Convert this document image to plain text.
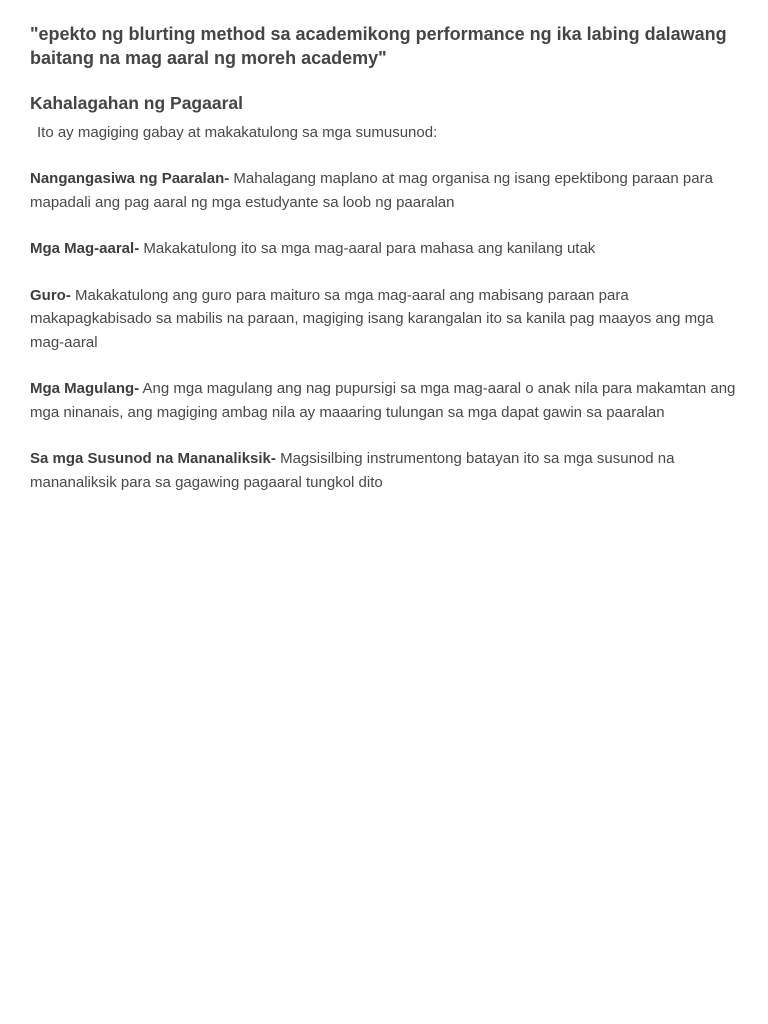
"epekto ng blurting method sa academikong performance ng ika labing dalawang baitang na mag aaral ng moreh academy"
Kahalagahan ng Pagaaral

Ito ay magiging gabay at makakatulong sa mga sumusunod:

Nangangasiwa ng Paaralan- Mahalagang maplano at mag organisa ng isang epektibong paraan para mapadali ang pag aaral ng mga estudyante sa loob ng paaralan

Mga Mag-aaral- Makakatulong ito sa mga mag-aaral para mahasa ang kanilang utak

Guro- Makakatulong ang guro para maituro sa mga mag-aaral ang mabisang paraan para makapagkabisado sa mabilis na paraan, magiging isang karangalan ito sa kanila pag maayos ang mga mag-aaral

Mga Magulang- Ang mga magulang ang nag pupursigi sa mga mag-aaral o anak nila para makamtan ang mga ninanais, ang magiging ambag nila ay maaaring tulungan sa mga dapat gawin sa paaralan

Sa mga Susunod na Mananaliksik- Magsisilbing instrumentong batayan ito sa mga susunod na mananaliksik para sa gagawing pagaaral tungkol dito
